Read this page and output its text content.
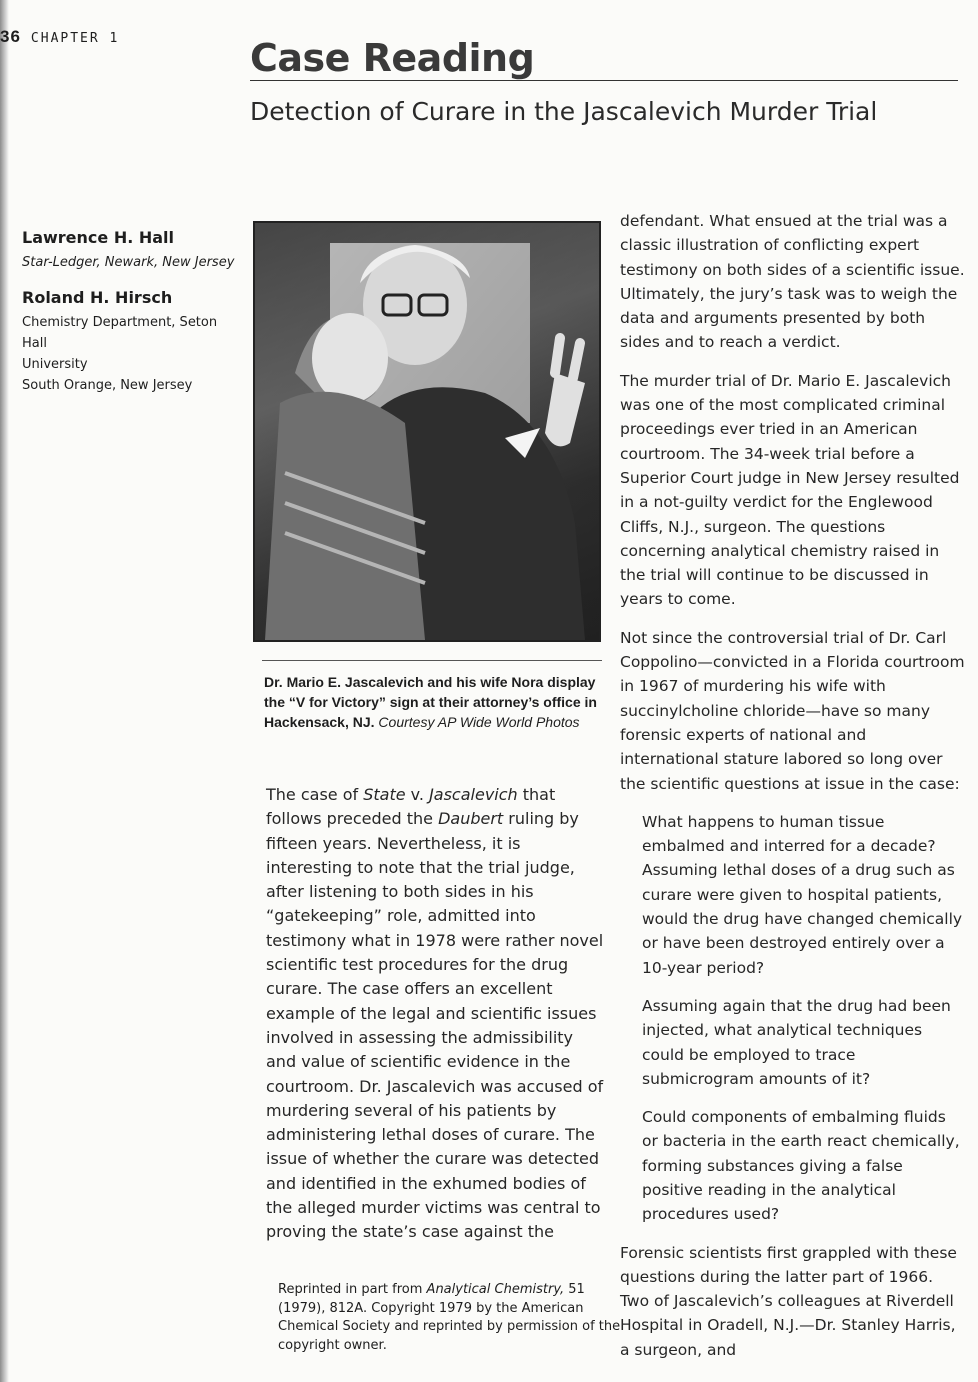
36 CHAPTER 1	Case Reading
Detection of Curare in the Jascalevich Murder Trial
Lawrence H. Hall
Star-Ledger, Newark, New Jersey
Roland H. Hirsch
Chemistry Department, Seton Hall
University
South Orange, New Jersey
Dr. Mario E. Jascalevich and his wife Nora display the “V for Victory” sign at their attorney’s office in Hackensack, NJ. Courtesy AP Wide World Photos

The case of State v. Jascalevich that follows preceded the Daubert ruling by fifteen years. Nevertheless, it is interesting to note that the trial judge, after listening to both sides in his “gatekeeping” role, admitted into testimony what in 1978 were rather novel scientific test procedures for the drug curare. The case offers an excellent example of the legal and scientific issues involved in assessing the admissibility and value of scientific evidence in the courtroom. Dr. Jascalevich was accused of murdering several of his patients by administering lethal doses of curare. The issue of whether the curare was detected and identified in the exhumed bodies of the alleged murder victims was central to proving the state’s case against the

Reprinted in part from Analytical Chemistry, 51 (1979), 812A. Copyright 1979 by the American Chemical Society and reprinted by permission of the copyright owner.

defendant. What ensued at the trial was a classic illustration of conflicting expert testimony on both sides of a scientific issue. Ultimately, the jury’s task was to weigh the data and arguments presented by both sides and to reach a verdict.

The murder trial of Dr. Mario E. Jascalevich was one of the most complicated criminal proceedings ever tried in an American courtroom. The 34-week trial before a Superior Court judge in New Jersey resulted in a not-guilty verdict for the Englewood Cliffs, N.J., surgeon. The questions concerning analytical chemistry raised in the trial will continue to be discussed in years to come.

Not since the controversial trial of Dr. Carl Coppolino—convicted in a Florida courtroom in 1967 of murdering his wife with succinylcholine chloride—have so many forensic experts of national and international stature labored so long over the scientific questions at issue in the case:

What happens to human tissue embalmed and interred for a decade? Assuming lethal doses of a drug such as curare were given to hospital patients, would the drug have changed chemically or have been destroyed entirely over a 10-year period?

Assuming again that the drug had been injected, what analytical techniques could be employed to trace submicrogram amounts of it?

Could components of embalming fluids or bacteria in the earth react chemically, forming substances giving a false positive reading in the analytical procedures used?

Forensic scientists first grappled with these questions during the latter part of 1966. Two of Jascalevich’s colleagues at Riverdell Hospital in Oradell, N.J.—Dr. Stanley Harris, a surgeon, and
